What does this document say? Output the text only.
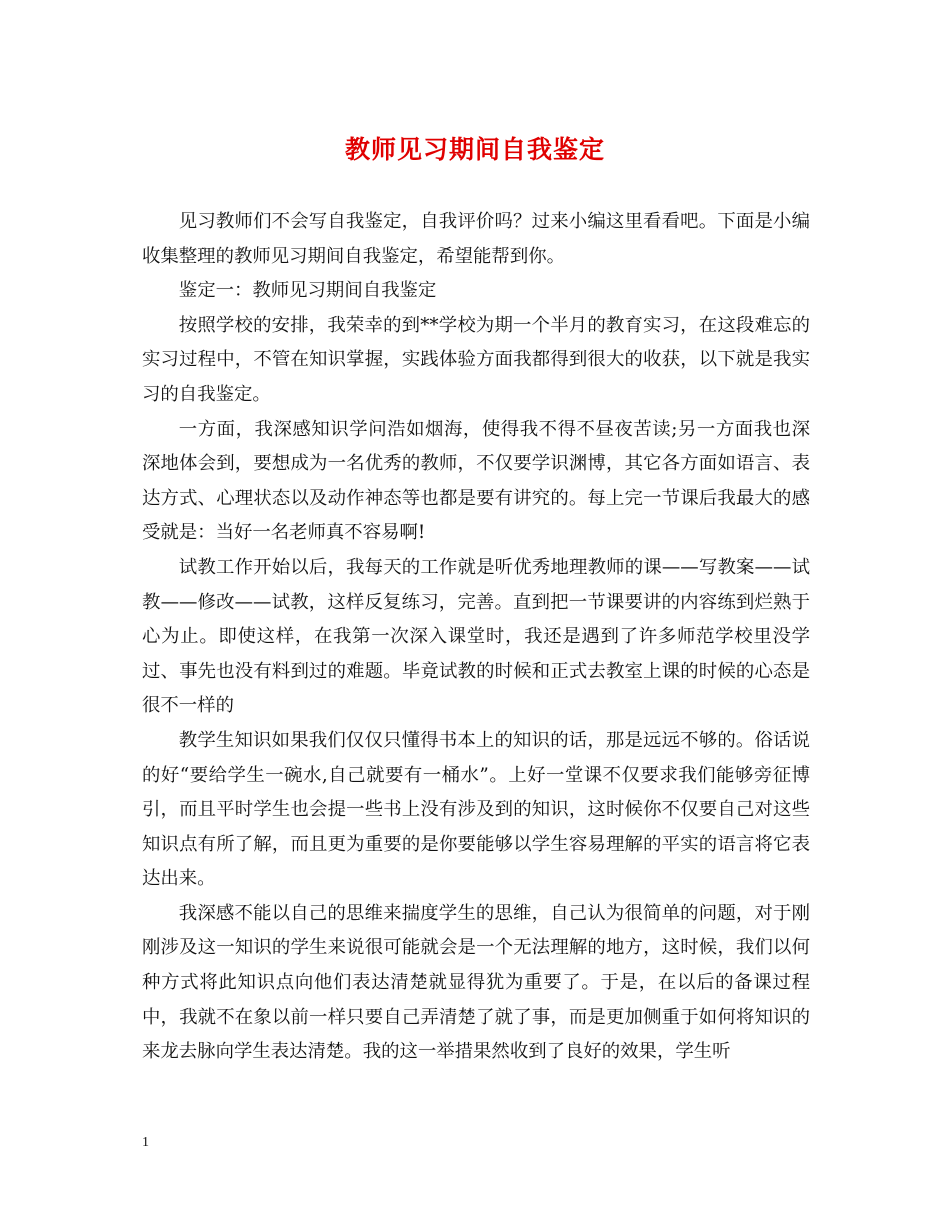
教师见习期间自我鉴定

见习教师们不会写自我鉴定，自我评价吗？过来小编这里看看吧。下面是小编收集整理的教师见习期间自我鉴定，希望能帮到你。

鉴定一：教师见习期间自我鉴定

按照学校的安排，我荣幸的到**学校为期一个半月的教育实习，在这段难忘的实习过程中，不管在知识掌握，实践体验方面我都得到很大的收获，以下就是我实习的自我鉴定。

一方面，我深感知识学问浩如烟海，使得我不得不昼夜苦读;另一方面我也深深地体会到，要想成为一名优秀的教师，不仅要学识渊博，其它各方面如语言、表达方式、心理状态以及动作神态等也都是要有讲究的。每上完一节课后我最大的感受就是：当好一名老师真不容易啊!

试教工作开始以后，我每天的工作就是听优秀地理教师的课——写教案——试教——修改——试教，这样反复练习，完善。直到把一节课要讲的内容练到烂熟于心为止。即使这样，在我第一次深入课堂时，我还是遇到了许多师范学校里没学过、事先也没有料到过的难题。毕竟试教的时候和正式去教室上课的时候的心态是很不一样的

教学生知识如果我们仅仅只懂得书本上的知识的话，那是远远不够的。俗话说的好“要给学生一碗水,自己就要有一桶水”。上好一堂课不仅要求我们能够旁征博引，而且平时学生也会提一些书上没有涉及到的知识，这时候你不仅要自己对这些知识点有所了解，而且更为重要的是你要能够以学生容易理解的平实的语言将它表达出来。

我深感不能以自己的思维来揣度学生的思维，自己认为很简单的问题，对于刚刚涉及这一知识的学生来说很可能就会是一个无法理解的地方，这时候，我们以何种方式将此知识点向他们表达清楚就显得犹为重要了。于是，在以后的备课过程中，我就不在象以前一样只要自己弄清楚了就了事，而是更加侧重于如何将知识的来龙去脉向学生表达清楚。我的这一举措果然收到了良好的效果，学生听

1
